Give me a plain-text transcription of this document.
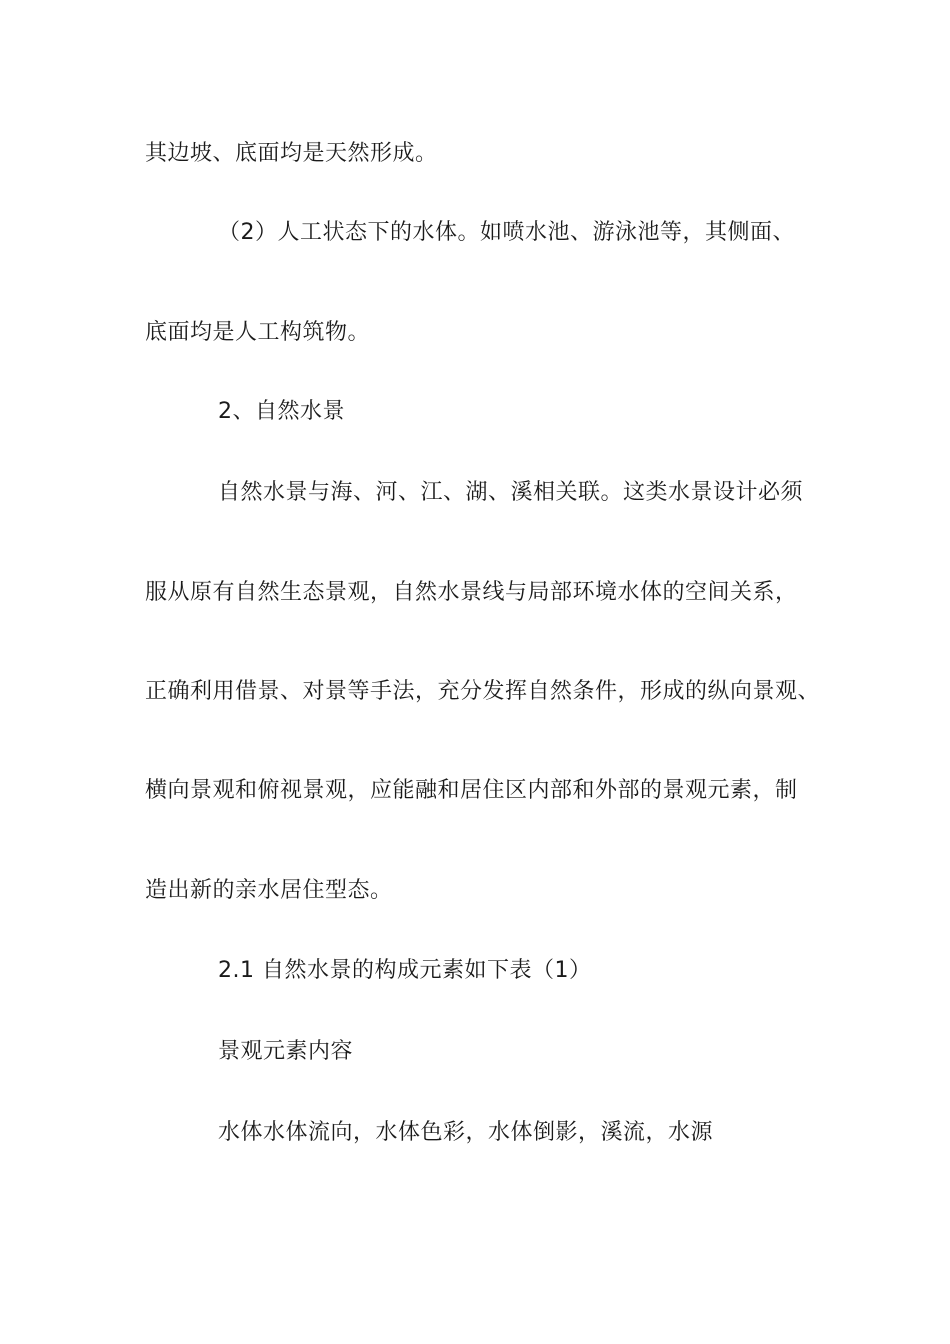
其边坡、底面均是天然形成。
（2）人工状态下的水体。如喷水池、游泳池等，其侧面、
底面均是人工构筑物。
2、自然水景
自然水景与海、河、江、湖、溪相关联。这类水景设计必须
服从原有自然生态景观，自然水景线与局部环境水体的空间关系，
正确利用借景、对景等手法，充分发挥自然条件，形成的纵向景观、
横向景观和俯视景观，应能融和居住区内部和外部的景观元素，制
造出新的亲水居住型态。
2.1 自然水景的构成元素如下表（1）
景观元素内容
水体水体流向，水体色彩，水体倒影，溪流，水源
